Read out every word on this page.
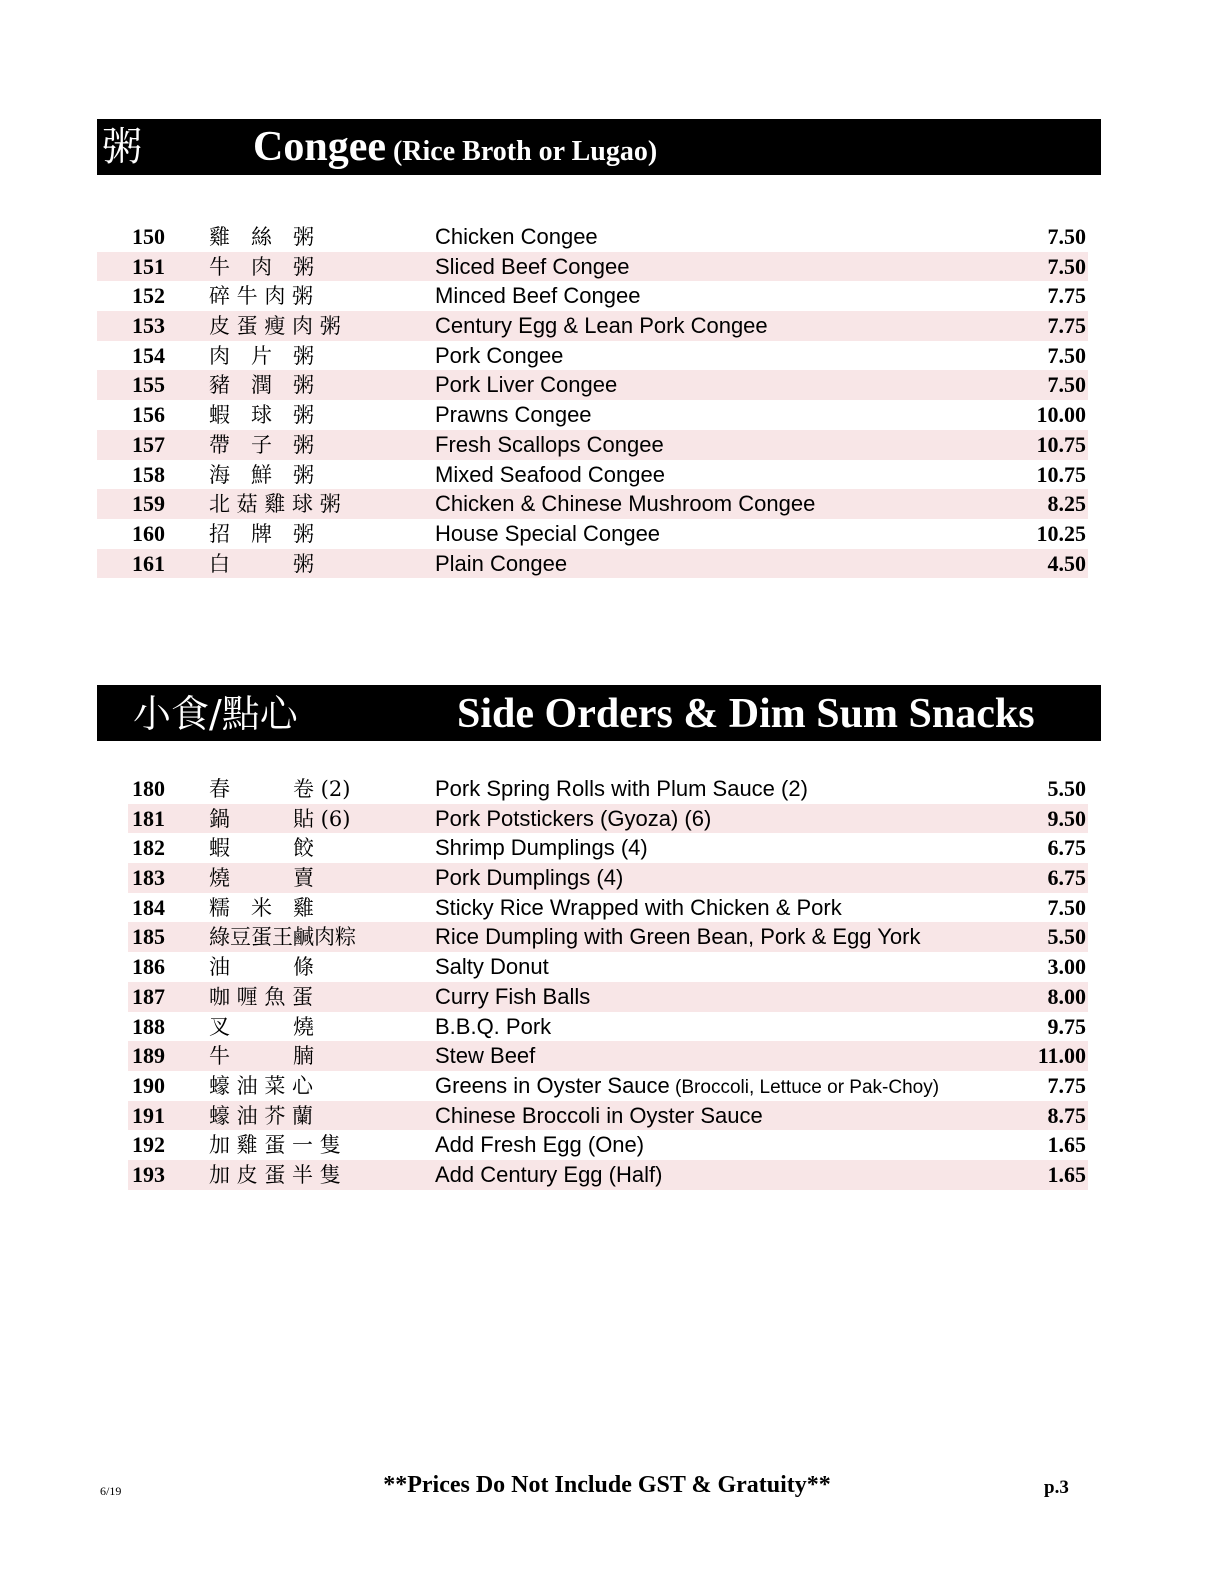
粥	Congee (Rice Broth or Lugao)
150 雞　絲　粥	Chicken Congee	7.50
151 牛　肉　粥	Sliced Beef Congee	7.50
152 碎 牛 肉 粥	Minced Beef Congee	7.75
153 皮 蛋 瘦 肉 粥	Century Egg & Lean Pork Congee	7.75
154 肉　片　粥	Pork Congee	7.50
155 豬　潤　粥	Pork Liver Congee	7.50
156 蝦　球　粥	Prawns Congee	10.00
157 帶　子　粥	Fresh Scallops Congee	10.75
158 海　鮮　粥	Mixed Seafood Congee	10.75
159 北 菇 雞 球 粥	Chicken & Chinese Mushroom Congee	8.25
160 招　牌　粥	House Special Congee	10.25
161 白　　　粥	Plain Congee	4.50
小食/點心	Side Orders & Dim Sum Snacks
180 春　　　卷 (2)	Pork Spring Rolls with Plum Sauce (2)	5.50
181 鍋　　　貼 (6)	Pork Potstickers (Gyoza) (6)	9.50
182 蝦　　　餃	Shrimp Dumplings (4)	6.75
183 燒　　　賣	Pork Dumplings (4)	6.75
184 糯　米　雞	Sticky Rice Wrapped with Chicken & Pork	7.50
185 綠豆蛋王鹹肉粽	Rice Dumpling with Green Bean, Pork & Egg York	5.50
186 油　　　條	Salty Donut	3.00
187 咖 喱 魚 蛋	Curry Fish Balls	8.00
188 叉　　　燒	B.B.Q. Pork	9.75
189 牛　　　腩	Stew Beef	11.00
190 蠔 油 菜 心	Greens in Oyster Sauce (Broccoli, Lettuce or Pak-Choy)	7.75
191 蠔 油 芥 蘭	Chinese Broccoli in Oyster Sauce	8.75
192 加 雞 蛋 一 隻	Add Fresh Egg (One)	1.65
193 加 皮 蛋 半 隻	Add Century Egg (Half)	1.65
6/19	**Prices Do Not Include GST & Gratuity**	p.3
